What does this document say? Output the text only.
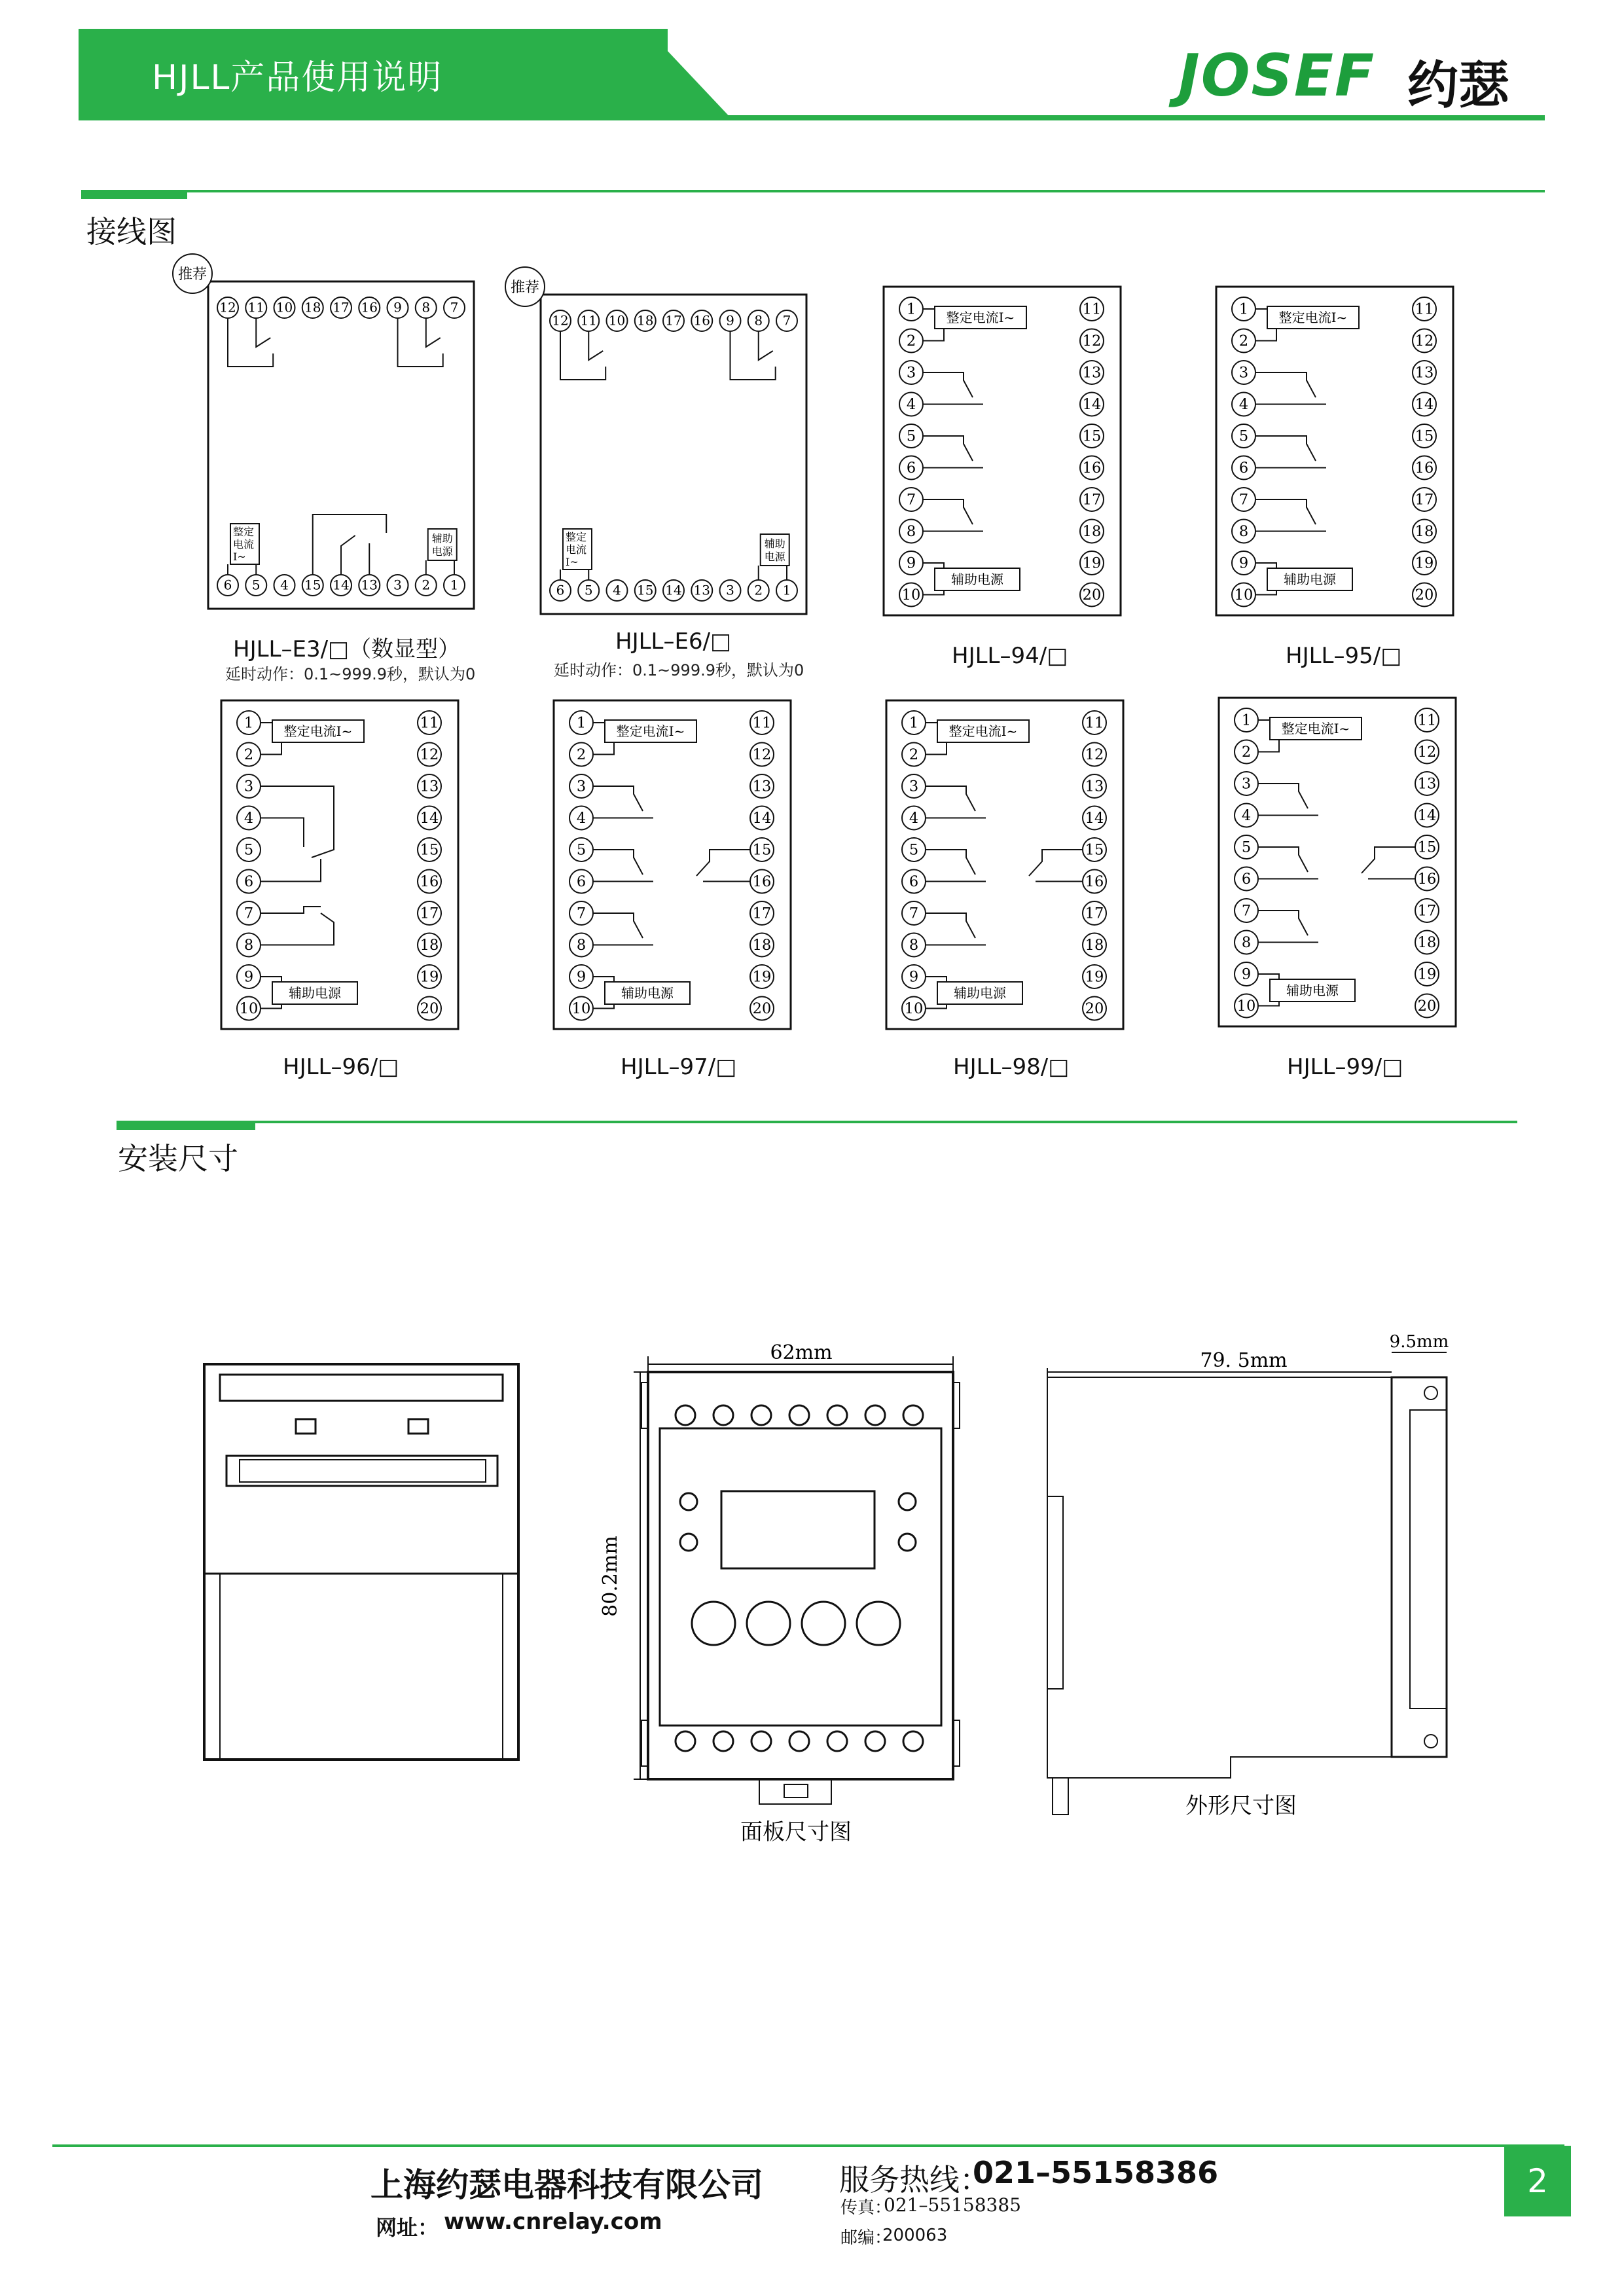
HJLL产品使用说明	JOSEF 约瑟
接线图
推荐
12 11 10 18 17 16 9 8 7
6 5 4 15 14 13 3 2 1
整定
电流
I~
辅助
电源
推荐
12 11 10 18 17 16 9 8 7
6 5 4 15 14 13 3 2 1
整定
电流
I~
辅助
电源
1
2
3
4
5
6
7
8
9
10
11
12
13
14
15
16
17
18
19
20
整定电流I~
辅助电源
1
2
3
4
5
6
7
8
9
10
11
12
13
14
15
16
17
18
19
20
整定电流I~
辅助电源
1
2
3
4
5
6
7
8
9
10
11
12
13
14
15
16
17
18
19
20
整定电流I~
辅助电源
1
2
3
4
5
6
7
8
9
10
11
12
13
14
15
16
17
18
19
20
整定电流I~
辅助电源
1
2
3
4
5
6
7
8
9
10
11
12
13
14
15
16
17
18
19
20
整定电流I~
辅助电源
1
2
3
4
5
6
7
8
9
10
11
12
13
14
15
16
17
18
19
20
整定电流I~
辅助电源
HJLL–E3/□（数显型）
延时动作：0.1~999.9秒，默认为0
HJLL–E6/□
延时动作：0.1~999.9秒，默认为0
HJLL–94/□	HJLL–95/□
HJLL–96/□	HJLL–97/□	HJLL–98/□	HJLL–99/□
安装尺寸
62mm
80.2mm
面板尺寸图
79. 5mm
9.5mm
外形尺寸图
2
上海约瑟电器科技有限公司
网址： www.cnrelay.com
服务热线：
021–55158386
传真：
021–55158385
邮编：
200063
